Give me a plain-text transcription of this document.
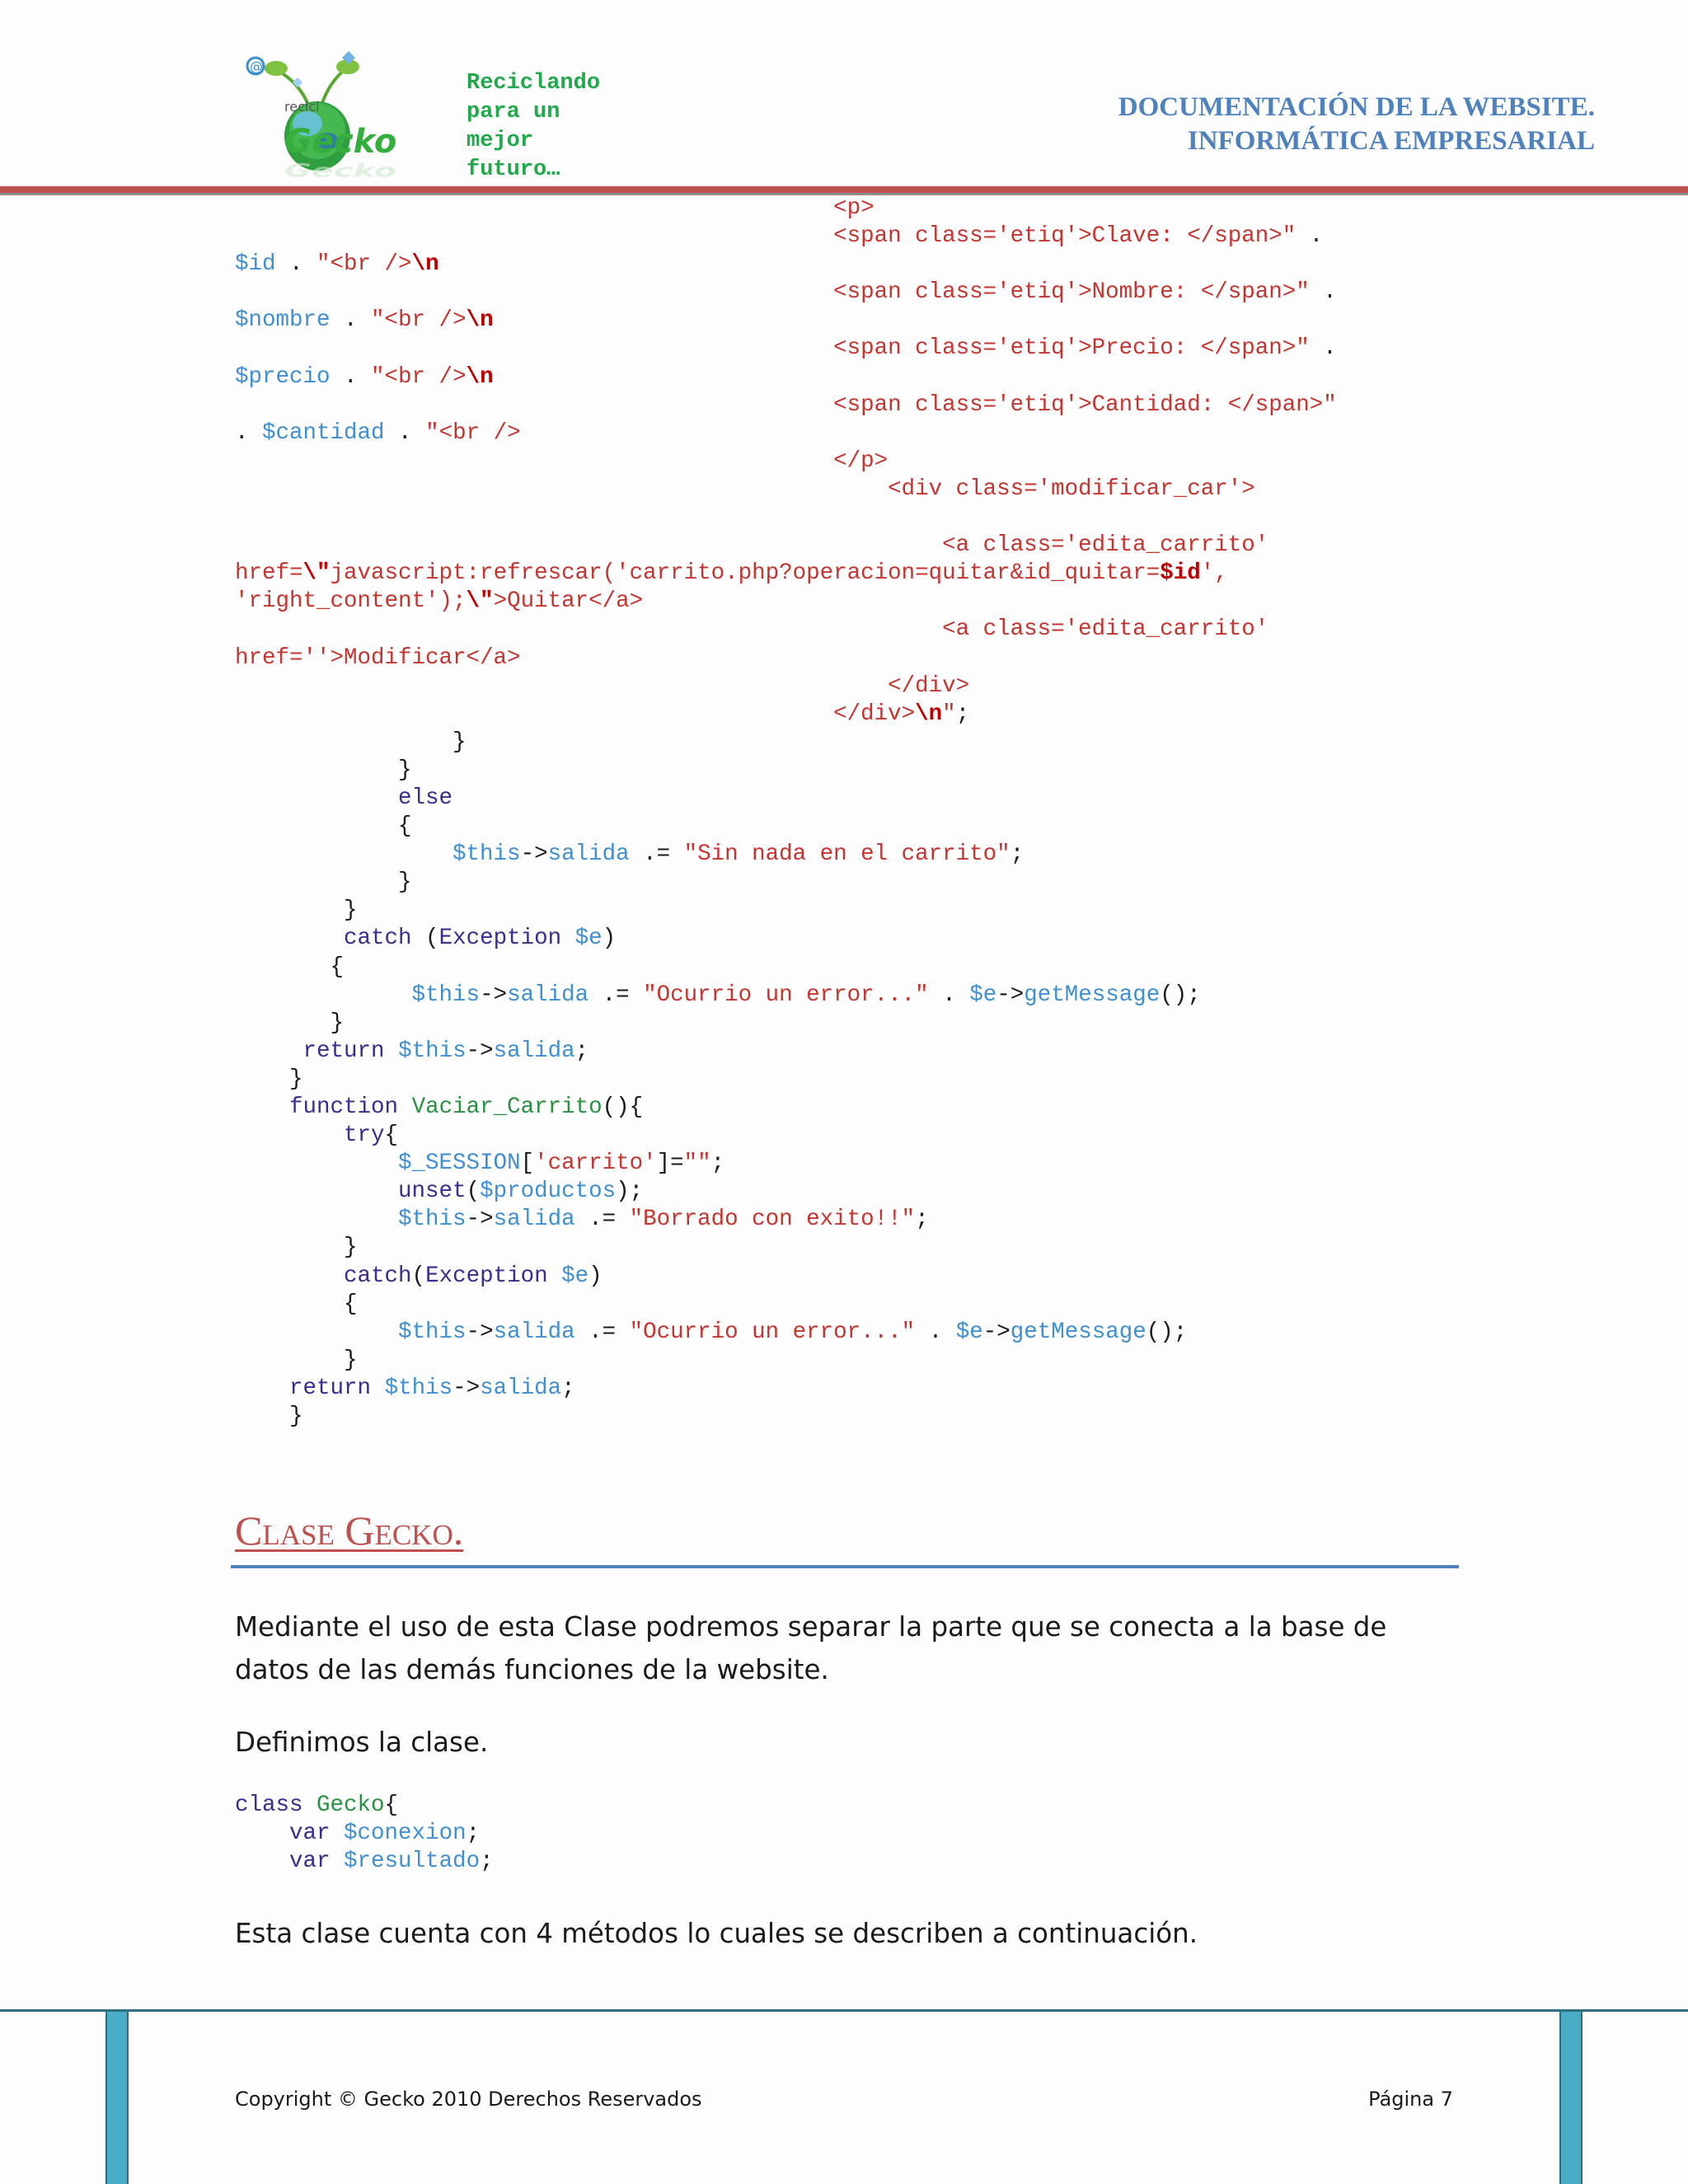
@
recicl
Gecko
Gecko
Reciclando
para un
mejor
futuro…
DOCUMENTACIÓN DE LA WEBSITE.
INFORMÁTICA EMPRESARIAL
<p>
<span class='etiq'>Clave: </span>" .
$id . "<br />\n
<span class='etiq'>Nombre: </span>" .
$nombre . "<br />\n
<span class='etiq'>Precio: </span>" .
$precio . "<br />\n
<span class='etiq'>Cantidad: </span>"
. $cantidad . "<br />
</p>
<div class='modificar_car'>
<a class='edita_carrito'
href=\"javascript:refrescar('carrito.php?operacion=quitar&id_quitar=$id',
'right_content');\">Quitar</a>
<a class='edita_carrito'
href=''>Modificar</a>
</div>
</div>\n";
}
}
else
{
$this->salida .= "Sin nada en el carrito";
}
}
catch (Exception $e)
{
$this->salida .= "Ocurrio un error..." . $e->getMessage();
}
return $this->salida;
}
function Vaciar_Carrito(){
try{
$_SESSION['carrito']="";
unset($productos);
$this->salida .= "Borrado con exito!!";
}
catch(Exception $e)
{
$this->salida .= "Ocurrio un error..." . $e->getMessage();
}
return $this->salida;
}
Clase Gecko.
Mediante el uso de esta Clase podremos separar la parte que se conecta a la base de datos de las demás funciones de la website.
Definimos la clase.
class Gecko{
var $conexion;
var $resultado;
Esta clase cuenta con 4 métodos lo cuales se describen a continuación.
Copyright © Gecko 2010 Derechos Reservados	Página 7
